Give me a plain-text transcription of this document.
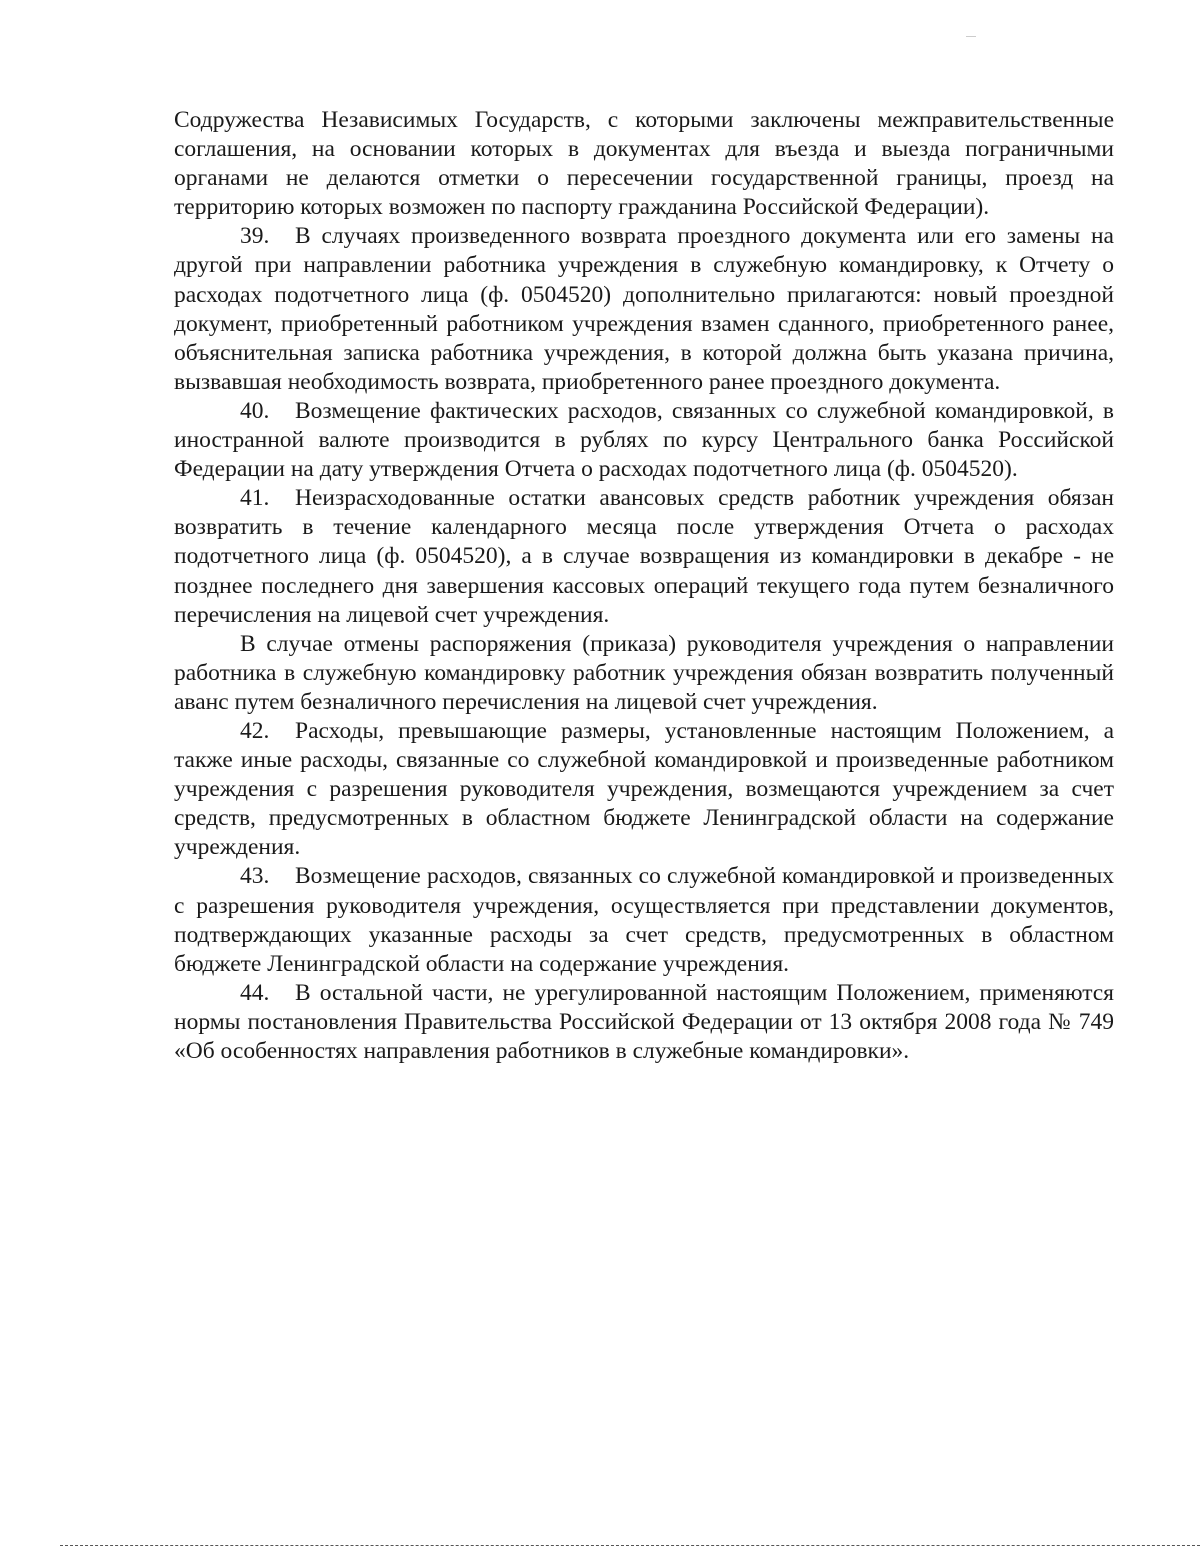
Содружества Независимых Государств, с которыми заключены межправительственные соглашения, на основании которых в документах для въезда и выезда пограничными органами не делаются отметки о пересечении государственной границы, проезд на территорию которых возможен по паспорту гражданина Российской Федерации).

39. В случаях произведенного возврата проездного документа или его замены на другой при направлении работника учреждения в служебную командировку, к Отчету о расходах подотчетного лица (ф. 0504520) дополнительно прилагаются: новый проездной документ, приобретенный работником учреждения взамен сданного, приобретенного ранее, объяснительная записка работника учреждения, в которой должна быть указана причина, вызвавшая необходимость возврата, приобретенного ранее проездного документа.

40. Возмещение фактических расходов, связанных со служебной командировкой, в иностранной валюте производится в рублях по курсу Центрального банка Российской Федерации на дату утверждения Отчета о расходах подотчетного лица (ф. 0504520).

41. Неизрасходованные остатки авансовых средств работник учреждения обязан возвратить в течение календарного месяца после утверждения Отчета о расходах подотчетного лица (ф. 0504520), а в случае возвращения из командировки в декабре - не позднее последнего дня завершения кассовых операций текущего года путем безналичного перечисления на лицевой счет учреждения.

В случае отмены распоряжения (приказа) руководителя учреждения о направлении работника в служебную командировку работник учреждения обязан возвратить полученный аванс путем безналичного перечисления на лицевой счет учреждения.

42. Расходы, превышающие размеры, установленные настоящим Положением, а также иные расходы, связанные со служебной командировкой и произведенные работником учреждения с разрешения руководителя учреждения, возмещаются учреждением за счет средств, предусмотренных в областном бюджете Ленинградской области на содержание учреждения.

43. Возмещение расходов, связанных со служебной командировкой и произведенных с разрешения руководителя учреждения, осуществляется при представлении документов, подтверждающих указанные расходы за счет средств, предусмотренных в областном бюджете Ленинградской области на содержание учреждения.

44. В остальной части, не урегулированной настоящим Положением, применяются нормы постановления Правительства Российской Федерации от 13 октября 2008 года № 749 «Об особенностях направления работников в служебные командировки».
